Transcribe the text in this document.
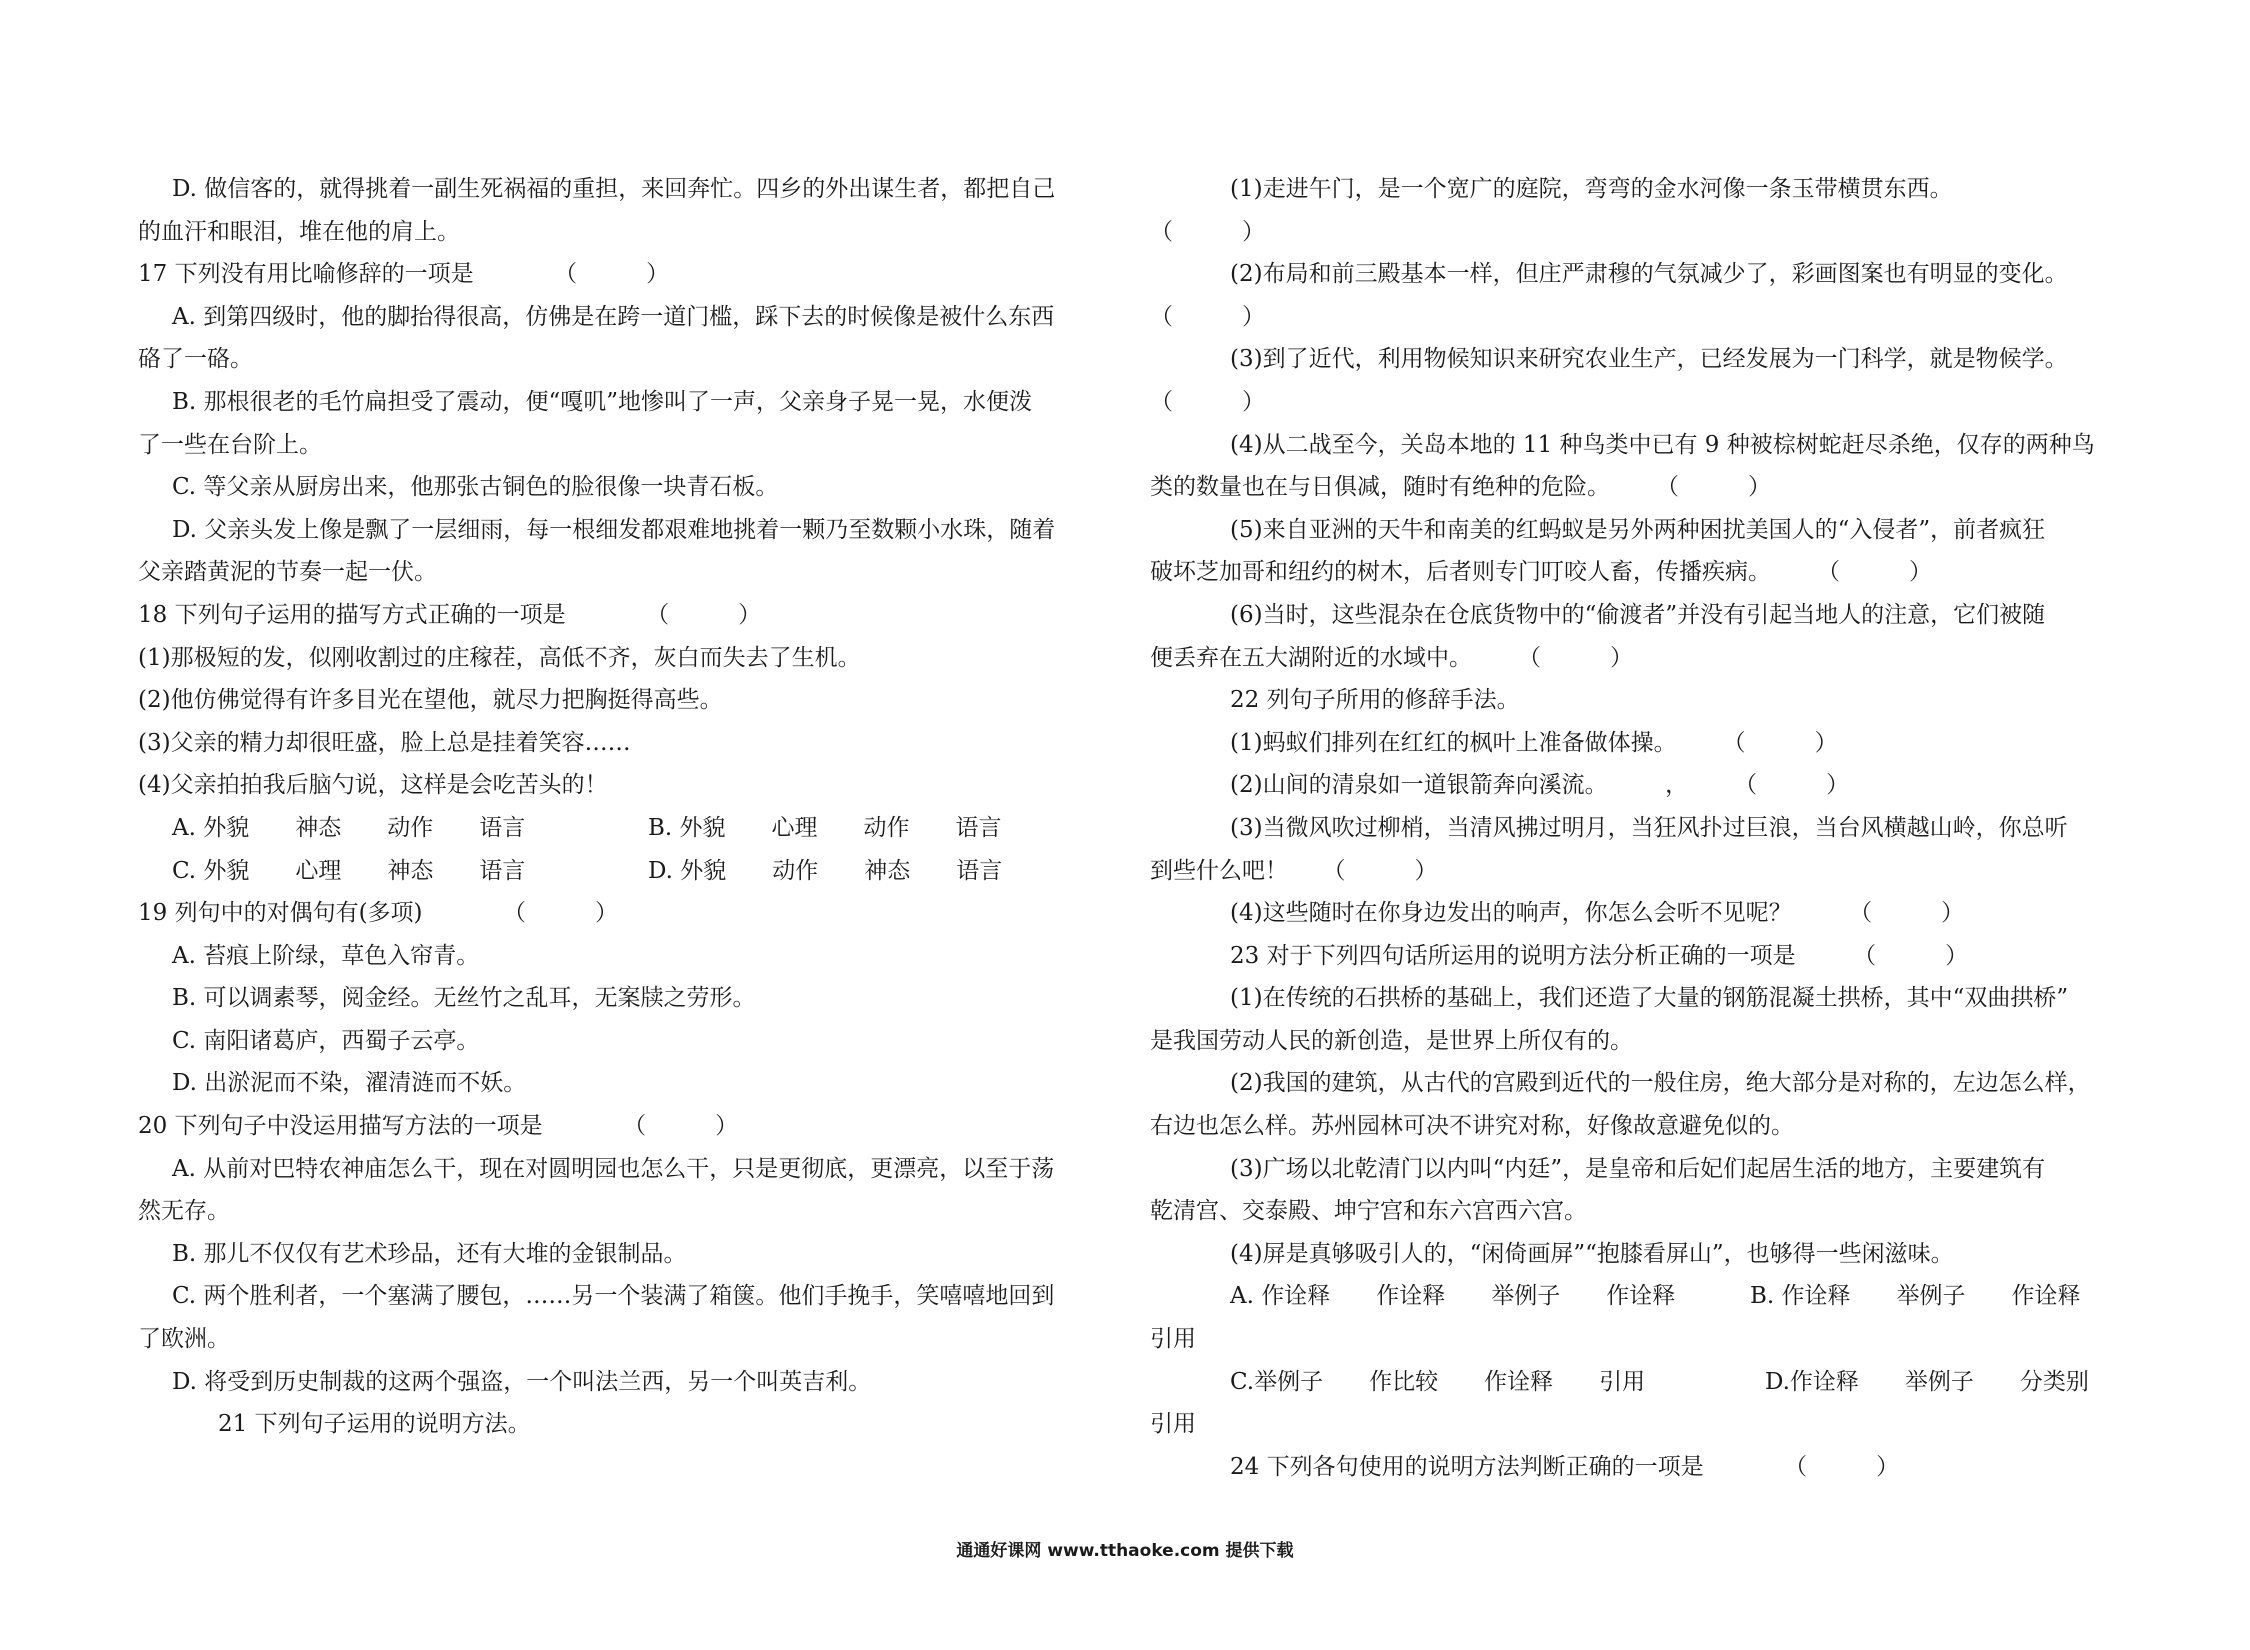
D. 做信客的，就得挑着一副生死祸福的重担，来回奔忙。四乡的外出谋生者，都把自己
的血汗和眼泪，堆在他的肩上。
17 下列没有用比喻修辞的一项是　　　　（　　　）
A. 到第四级时，他的脚抬得很高，仿佛是在跨一道门槛，踩下去的时候像是被什么东西
硌了一硌。
B. 那根很老的毛竹扁担受了震动，便“嘎叽”地惨叫了一声，父亲身子晃一晃，水便泼
了一些在台阶上。
C. 等父亲从厨房出来，他那张古铜色的脸很像一块青石板。
D. 父亲头发上像是飘了一层细雨，每一根细发都艰难地挑着一颗乃至数颗小水珠，随着
父亲踏黄泥的节奏一起一伏。
18 下列句子运用的描写方式正确的一项是　　　　（　　　）
(1)那极短的发，似刚收割过的庄稼茬，高低不齐，灰白而失去了生机。
(2)他仿佛觉得有许多目光在望他，就尽力把胸挺得高些。
(3)父亲的精力却很旺盛，脸上总是挂着笑容……
(4)父亲拍拍我后脑勺说，这样是会吃苦头的！
A. 外貌　　神态　　动作　　语言	B. 外貌　　心理　　动作　　语言
C. 外貌　　心理　　神态　　语言	D. 外貌　　动作　　神态　　语言
19 列句中的对偶句有(多项)　　　　（　　　）
A. 苔痕上阶绿，草色入帘青。
B. 可以调素琴，阅金经。无丝竹之乱耳，无案牍之劳形。
C. 南阳诸葛庐，西蜀子云亭。
D. 出淤泥而不染，濯清涟而不妖。
20 下列句子中没运用描写方法的一项是　　　　（　　　）
A. 从前对巴特农神庙怎么干，现在对圆明园也怎么干，只是更彻底，更漂亮，以至于荡
然无存。
B. 那儿不仅仅有艺术珍品，还有大堆的金银制品。
C. 两个胜利者，一个塞满了腰包，……另一个装满了箱箧。他们手挽手，笑嘻嘻地回到
了欧洲。
D. 将受到历史制裁的这两个强盗，一个叫法兰西，另一个叫英吉利。
21 下列句子运用的说明方法。
(1)走进午门，是一个宽广的庭院，弯弯的金水河像一条玉带横贯东西。
（　　　）
(2)布局和前三殿基本一样，但庄严肃穆的气氛减少了，彩画图案也有明显的变化。
（　　　）
(3)到了近代，利用物候知识来研究农业生产，已经发展为一门科学，就是物候学。
（　　　）
(4)从二战至今，关岛本地的 11 种鸟类中已有 9 种被棕树蛇赶尽杀绝，仅存的两种鸟
类的数量也在与日俱减，随时有绝种的危险。　　　（　　　）
(5)来自亚洲的天牛和南美的红蚂蚁是另外两种困扰美国人的“入侵者”，前者疯狂
破坏芝加哥和纽约的树木，后者则专门叮咬人畜，传播疾病。　　　（　　　）
(6)当时，这些混杂在仓底货物中的“偷渡者”并没有引起当地人的注意，它们被随
便丢弃在五大湖附近的水域中。　　　（　　　）
22 列句子所用的修辞手法。
(1)蚂蚁们排列在红红的枫叶上准备做体操。　　　（　　　）
(2)山间的清泉如一道银箭奔向溪流。　　　，　　　（　　　）
(3)当微风吹过柳梢，当清风拂过明月，当狂风扑过巨浪，当台风横越山岭，你总听
到些什么吧！　　（　　　）
(4)这些随时在你身边发出的响声，你怎么会听不见呢？　　　（　　　）
23 对于下列四句话所运用的说明方法分析正确的一项是　　　（　　　）
(1)在传统的石拱桥的基础上，我们还造了大量的钢筋混凝土拱桥，其中“双曲拱桥”
是我国劳动人民的新创造，是世界上所仅有的。
(2)我国的建筑，从古代的宫殿到近代的一般住房，绝大部分是对称的，左边怎么样，
右边也怎么样。苏州园林可决不讲究对称，好像故意避免似的。
(3)广场以北乾清门以内叫“内廷”，是皇帝和后妃们起居生活的地方，主要建筑有
乾清宫、交泰殿、坤宁宫和东六宫西六宫。
(4)屏是真够吸引人的，“闲倚画屏”“抱膝看屏山”，也够得一些闲滋味。
A. 作诠释　　作诠释　　举例子　　作诠释	B. 作诠释　　举例子　　作诠释
引用
C.举例子　　作比较　　作诠释　　引用	D.作诠释　　举例子　　分类别
引用
24 下列各句使用的说明方法判断正确的一项是　　　　（　　　）
通通好课网 www.tthaoke.com 提供下载
